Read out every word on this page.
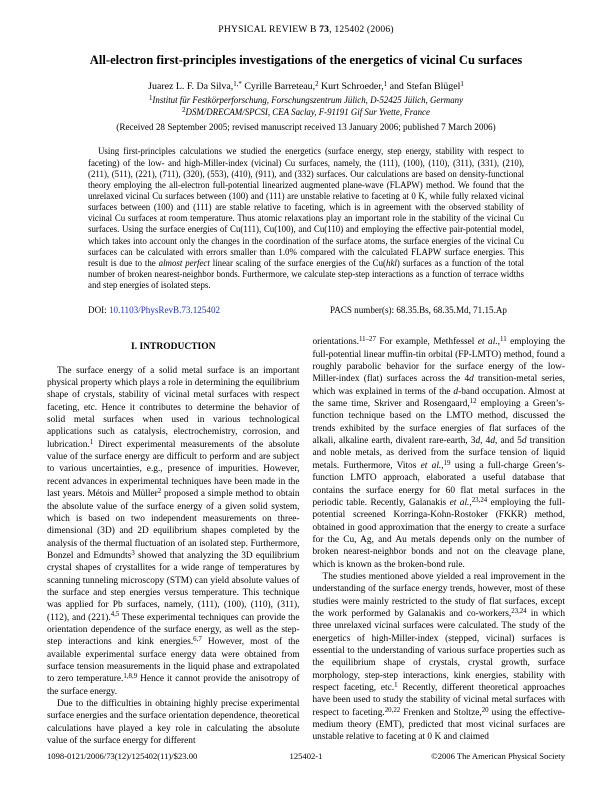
PHYSICAL REVIEW B 73, 125402 (2006)
All-electron first-principles investigations of the energetics of vicinal Cu surfaces
Juarez L. F. Da Silva,$^{1,*}$ Cyrille Barreteau,$^2$ Kurt Schroeder,$^1$ and Stefan Blügel$^1$
$^1$Institut für Festkörperforschung, Forschungszentrum Jülich, D-52425 Jülich, Germany
$^2$DSM/DRECAM/SPCSI, CEA Saclay, F-91191 Gif Sur Yvette, France
(Received 28 September 2005; revised manuscript received 13 January 2006; published 7 March 2006)
Using first-principles calculations we studied the energetics (surface energy, step energy, stability with respect to faceting) of the low- and high-Miller-index (vicinal) Cu surfaces, namely, the (111), (100), (110), (311), (331), (210), (211), (511), (221), (711), (320), (553), (410), (911), and (332) surfaces. Our calculations are based on density-functional theory employing the all-electron full-potential linearized augmented plane-wave (FLAPW) method. We found that the unrelaxed vicinal Cu surfaces between (100) and (111) are unstable relative to faceting at 0 K, while fully relaxed vicinal surfaces between (100) and (111) are stable relative to faceting, which is in agreement with the observed stability of vicinal Cu surfaces at room temperature. Thus atomic relaxations play an important role in the stability of the vicinal Cu surfaces. Using the surface energies of Cu(111), Cu(100), and Cu(110) and employing the effective pair-potential model, which takes into account only the changes in the coordination of the surface atoms, the surface energies of the vicinal Cu surfaces can be calculated with errors smaller than 1.0% compared with the calculated FLAPW surface energies. This result is due to the almost perfect linear scaling of the surface energies of the Cu(hkl) surfaces as a function of the total number of broken nearest-neighbor bonds. Furthermore, we calculate step-step interactions as a function of terrace widths and step energies of isolated steps.
DOI: 10.1103/PhysRevB.73.125402	PACS number(s): 68.35.Bs, 68.35.Md, 71.15.Ap
I. INTRODUCTION

The surface energy of a solid metal surface is an important physical property which plays a role in determining the equilibrium shape of crystals, stability of vicinal metal surfaces with respect faceting, etc. Hence it contributes to determine the behavior of solid metal surfaces when used in various technological applications such as catalysis, electrochemistry, corrosion, and lubrication.$^1$ Direct experimental measurements of the absolute value of the surface energy are difficult to perform and are subject to various uncertainties, e.g., presence of impurities. However, recent advances in experimental techniques have been made in the last years. Métois and Müller$^2$ proposed a simple method to obtain the absolute value of the surface energy of a given solid system, which is based on two independent measurements on three-dimensional (3D) and 2D equilibrium shapes completed by the analysis of the thermal fluctuation of an isolated step. Furthermore, Bonzel and Edmundts$^3$ showed that analyzing the 3D equilibrium crystal shapes of crystallites for a wide range of temperatures by scanning tunneling microscopy (STM) can yield absolute values of the surface and step energies versus temperature. This technique was applied for Pb surfaces, namely, (111), (100), (110), (311), (112), and (221).$^{4,5}$ These experimental techniques can provide the orientation dependence of the surface energy, as well as the step-step interactions and kink energies.$^{6,7}$ However, most of the available experimental surface energy data were obtained from surface tension measurements in the liquid phase and extrapolated to zero temperature.$^{1,8,9}$ Hence it cannot provide the anisotropy of the surface energy.

Due to the difficulties in obtaining highly precise experimental surface energies and the surface orientation dependence, theoretical calculations have played a key role in calculating the absolute value of the surface energy for different

orientations.$^{11-27}$ For example, Methfessel et al.,$^{11}$ employing the full-potential linear muffin-tin orbital (FP-LMTO) method, found a roughly parabolic behavior for the surface energy of the low-Miller-index (flat) surfaces across the 4d transition-metal series, which was explained in terms of the d-band occupation. Almost at the same time, Skriver and Rosengaard,$^{12}$ employing a Green’s-function technique based on the LMTO method, discussed the trends exhibited by the surface energies of flat surfaces of the alkali, alkaline earth, divalent rare-earth, 3d, 4d, and 5d transition and noble metals, as derived from the surface tension of liquid metals. Furthermore, Vitos et al.,$^{19}$ using a full-charge Green’s-function LMTO approach, elaborated a useful database that contains the surface energy for 60 flat metal surfaces in the periodic table. Recently, Galanakis et al.,$^{23,24}$ employing the full-potential screened Korringa-Kohn-Rostoker (FKKR) method, obtained in good approximation that the energy to create a surface for the Cu, Ag, and Au metals depends only on the number of broken nearest-neighbor bonds and not on the cleavage plane, which is known as the broken-bond rule.

The studies mentioned above yielded a real improvement in the understanding of the surface energy trends, however, most of these studies were mainly restricted to the study of flat surfaces, except the work performed by Galanakis and co-workers,$^{23,24}$ in which three unrelaxed vicinal surfaces were calculated. The study of the energetics of high-Miller-index (stepped, vicinal) surfaces is essential to the understanding of various surface properties such as the equilibrium shape of crystals, crystal growth, surface morphology, step-step interactions, kink energies, stability with respect faceting, etc.$^1$ Recently, different theoretical approaches have been used to study the stability of vicinal metal surfaces with respect to faceting.$^{20,22}$ Frenken and Stoltze,$^{20}$ using the effective-medium theory (EMT), predicted that most vicinal surfaces are unstable relative to faceting at 0 K and claimed

1098-0121/2006/73(12)/125402(11)/$23.00	125402-1	©2006 The American Physical Society
